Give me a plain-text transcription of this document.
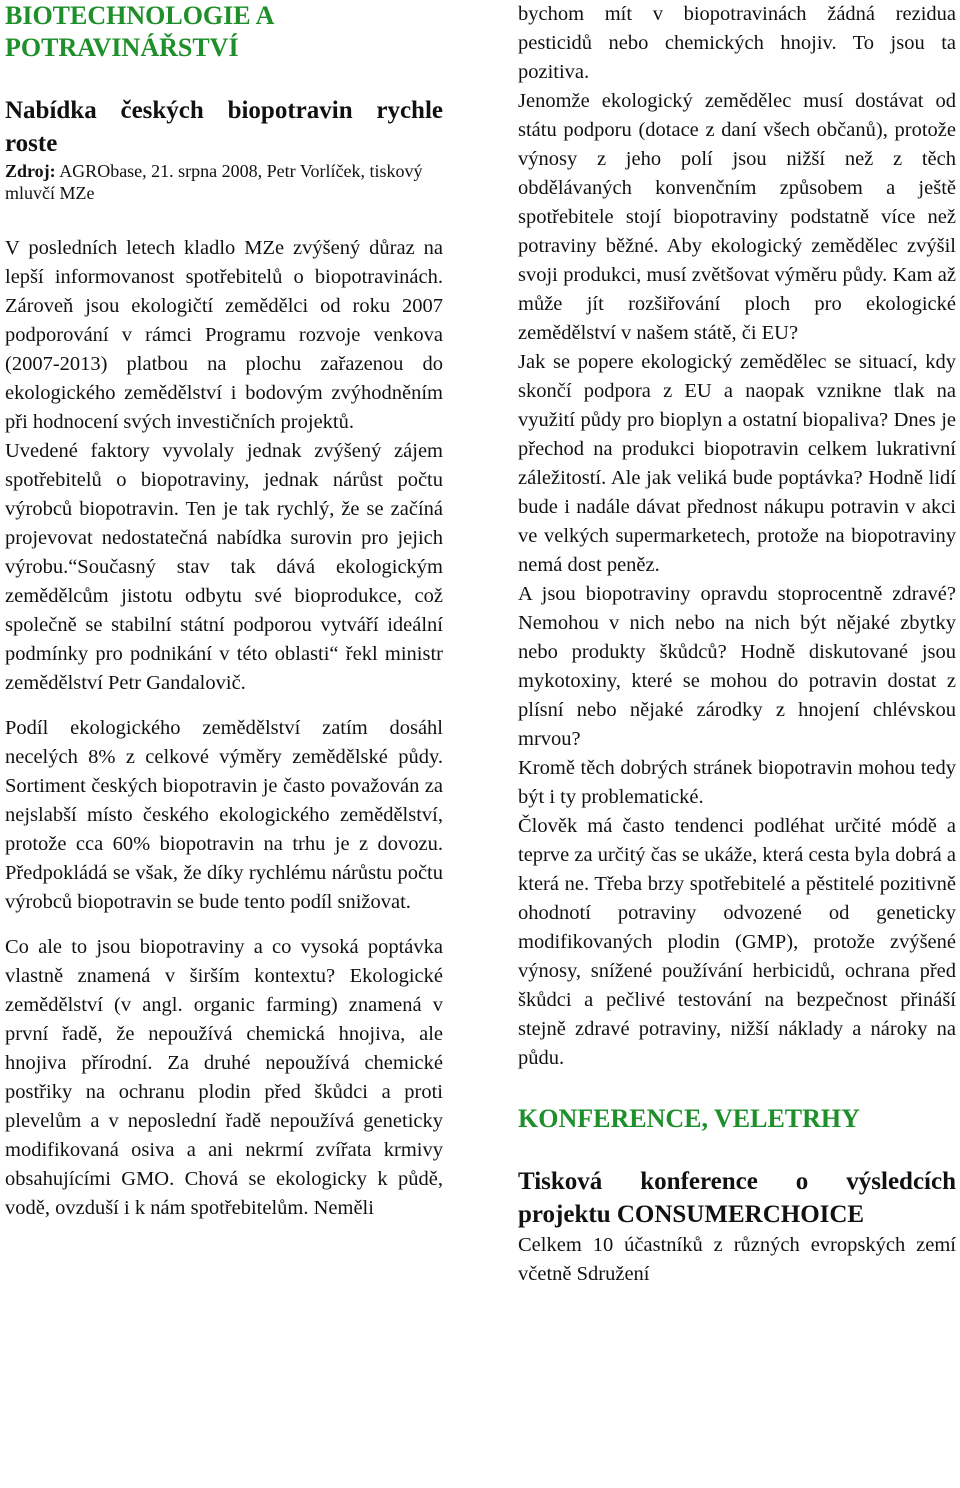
BIOTECHNOLOGIE A POTRAVINÁŘSTVÍ
Nabídka českých biopotravin rychle roste

Zdroj: AGRObase, 21. srpna 2008, Petr Vorlíček, tiskový mluvčí MZe

V posledních letech kladlo MZe zvýšený důraz na lepší informovanost spotřebitelů o biopotravinách. Zároveň jsou ekologičtí zemědělci od roku 2007 podporování v rámci Programu rozvoje venkova (2007-2013) platbou na plochu zařazenou do ekologického zemědělství i bodovým zvýhodněním při hodnocení svých investičních projektů.

Uvedené faktory vyvolaly jednak zvýšený zájem spotřebitelů o biopotraviny, jednak nárůst počtu výrobců biopotravin. Ten je tak rychlý, že se začíná projevovat nedostatečná nabídka surovin pro jejich výrobu.“Současný stav tak dává ekologickým zemědělcům jistotu odbytu své bioprodukce, což společně se stabilní státní podporou vytváří ideální podmínky pro podnikání v této oblasti“ řekl ministr zemědělství Petr Gandalovič.

Podíl ekologického zemědělství zatím dosáhl necelých 8% z celkové výměry zemědělské půdy. Sortiment českých biopotravin je často považován za nejslabší místo českého ekologického zemědělství, protože cca 60% biopotravin na trhu je z dovozu. Předpokládá se však, že díky rychlému nárůstu počtu výrobců biopotravin se bude tento podíl snižovat.

Co ale to jsou biopotraviny a co vysoká poptávka vlastně znamená v širším kontextu? Ekologické zemědělství (v angl. organic farming) znamená v první řadě, že nepoužívá chemická hnojiva, ale hnojiva přírodní. Za druhé nepoužívá chemické postřiky na ochranu plodin před škůdci a proti plevelům a v neposlední řadě nepoužívá geneticky modifikovaná osiva a ani nekrmí zvířata krmivy obsahujícími GMO. Chová se ekologicky k půdě, vodě, ovzduší i k nám spotřebitelům. Neměli

bychom mít v biopotravinách žádná rezidua pesticidů nebo chemických hnojiv. To jsou ta pozitiva.

Jenomže ekologický zemědělec musí dostávat od státu podporu (dotace z daní všech občanů), protože výnosy z jeho polí jsou nižší než z těch obdělávaných konvenčním způsobem a ještě spotřebitele stojí biopotraviny podstatně více než potraviny běžné. Aby ekologický zemědělec zvýšil svoji produkci, musí zvětšovat výměru půdy. Kam až může jít rozšiřování ploch pro ekologické zemědělství v našem státě, či EU?

Jak se popere ekologický zemědělec se situací, kdy skončí podpora z EU a naopak vznikne tlak na využití půdy pro bioplyn a ostatní biopaliva? Dnes je přechod na produkci biopotravin celkem lukrativní záležitostí. Ale jak veliká bude poptávka? Hodně lidí bude i nadále dávat přednost nákupu potravin v akci ve velkých supermarketech, protože na biopotraviny nemá dost peněz.

A jsou biopotraviny opravdu stoprocentně zdravé? Nemohou v nich nebo na nich být nějaké zbytky nebo produkty škůdců? Hodně diskutované jsou mykotoxiny, které se mohou do potravin dostat z plísní nebo nějaké zárodky z hnojení chlévskou mrvou?

Kromě těch dobrých stránek biopotravin mohou tedy být i ty problematické.

Člověk má často tendenci podléhat určité módě a teprve za určitý čas se ukáže, která cesta byla dobrá a která ne. Třeba brzy spotřebitelé a pěstitelé pozitivně ohodnotí potraviny odvozené od geneticky modifikovaných plodin (GMP), protože zvýšené výnosy, snížené používání herbicidů, ochrana před škůdci a pečlivé testování na bezpečnost přináší stejně zdravé potraviny, nižší náklady a nároky na půdu.

KONFERENCE, VELETRHY
Tisková konference o výsledcích projektu CONSUMERCHOICE

Celkem 10 účastníků z různých evropských zemí včetně Sdružení
